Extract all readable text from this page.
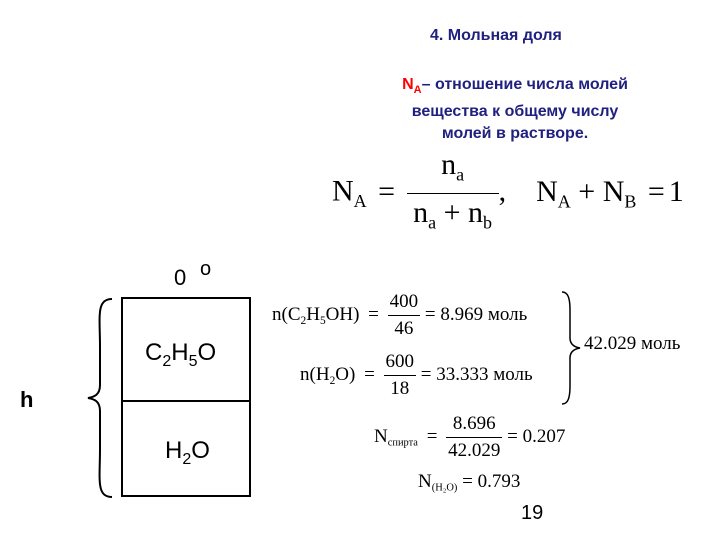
4. Мольная доля
$N_A-$ отношение числа молей
вещества к общему числу
молей в растворе.
$N_A = \frac{n_a}{n_a + n_b}$ , $N_A + N_B = 1$
0 o
h
$C_2H_5O$
$H_2O$
$n(C_2H_5OH) = \frac{400}{46} = 8.969$ моль
$n(H_2O) = \frac{600}{18} = 33.333$ моль
42.029 моль
Nспирта = $\frac{8.696}{42.029} = 0.207$
N(H₂O) = 0.793
19
